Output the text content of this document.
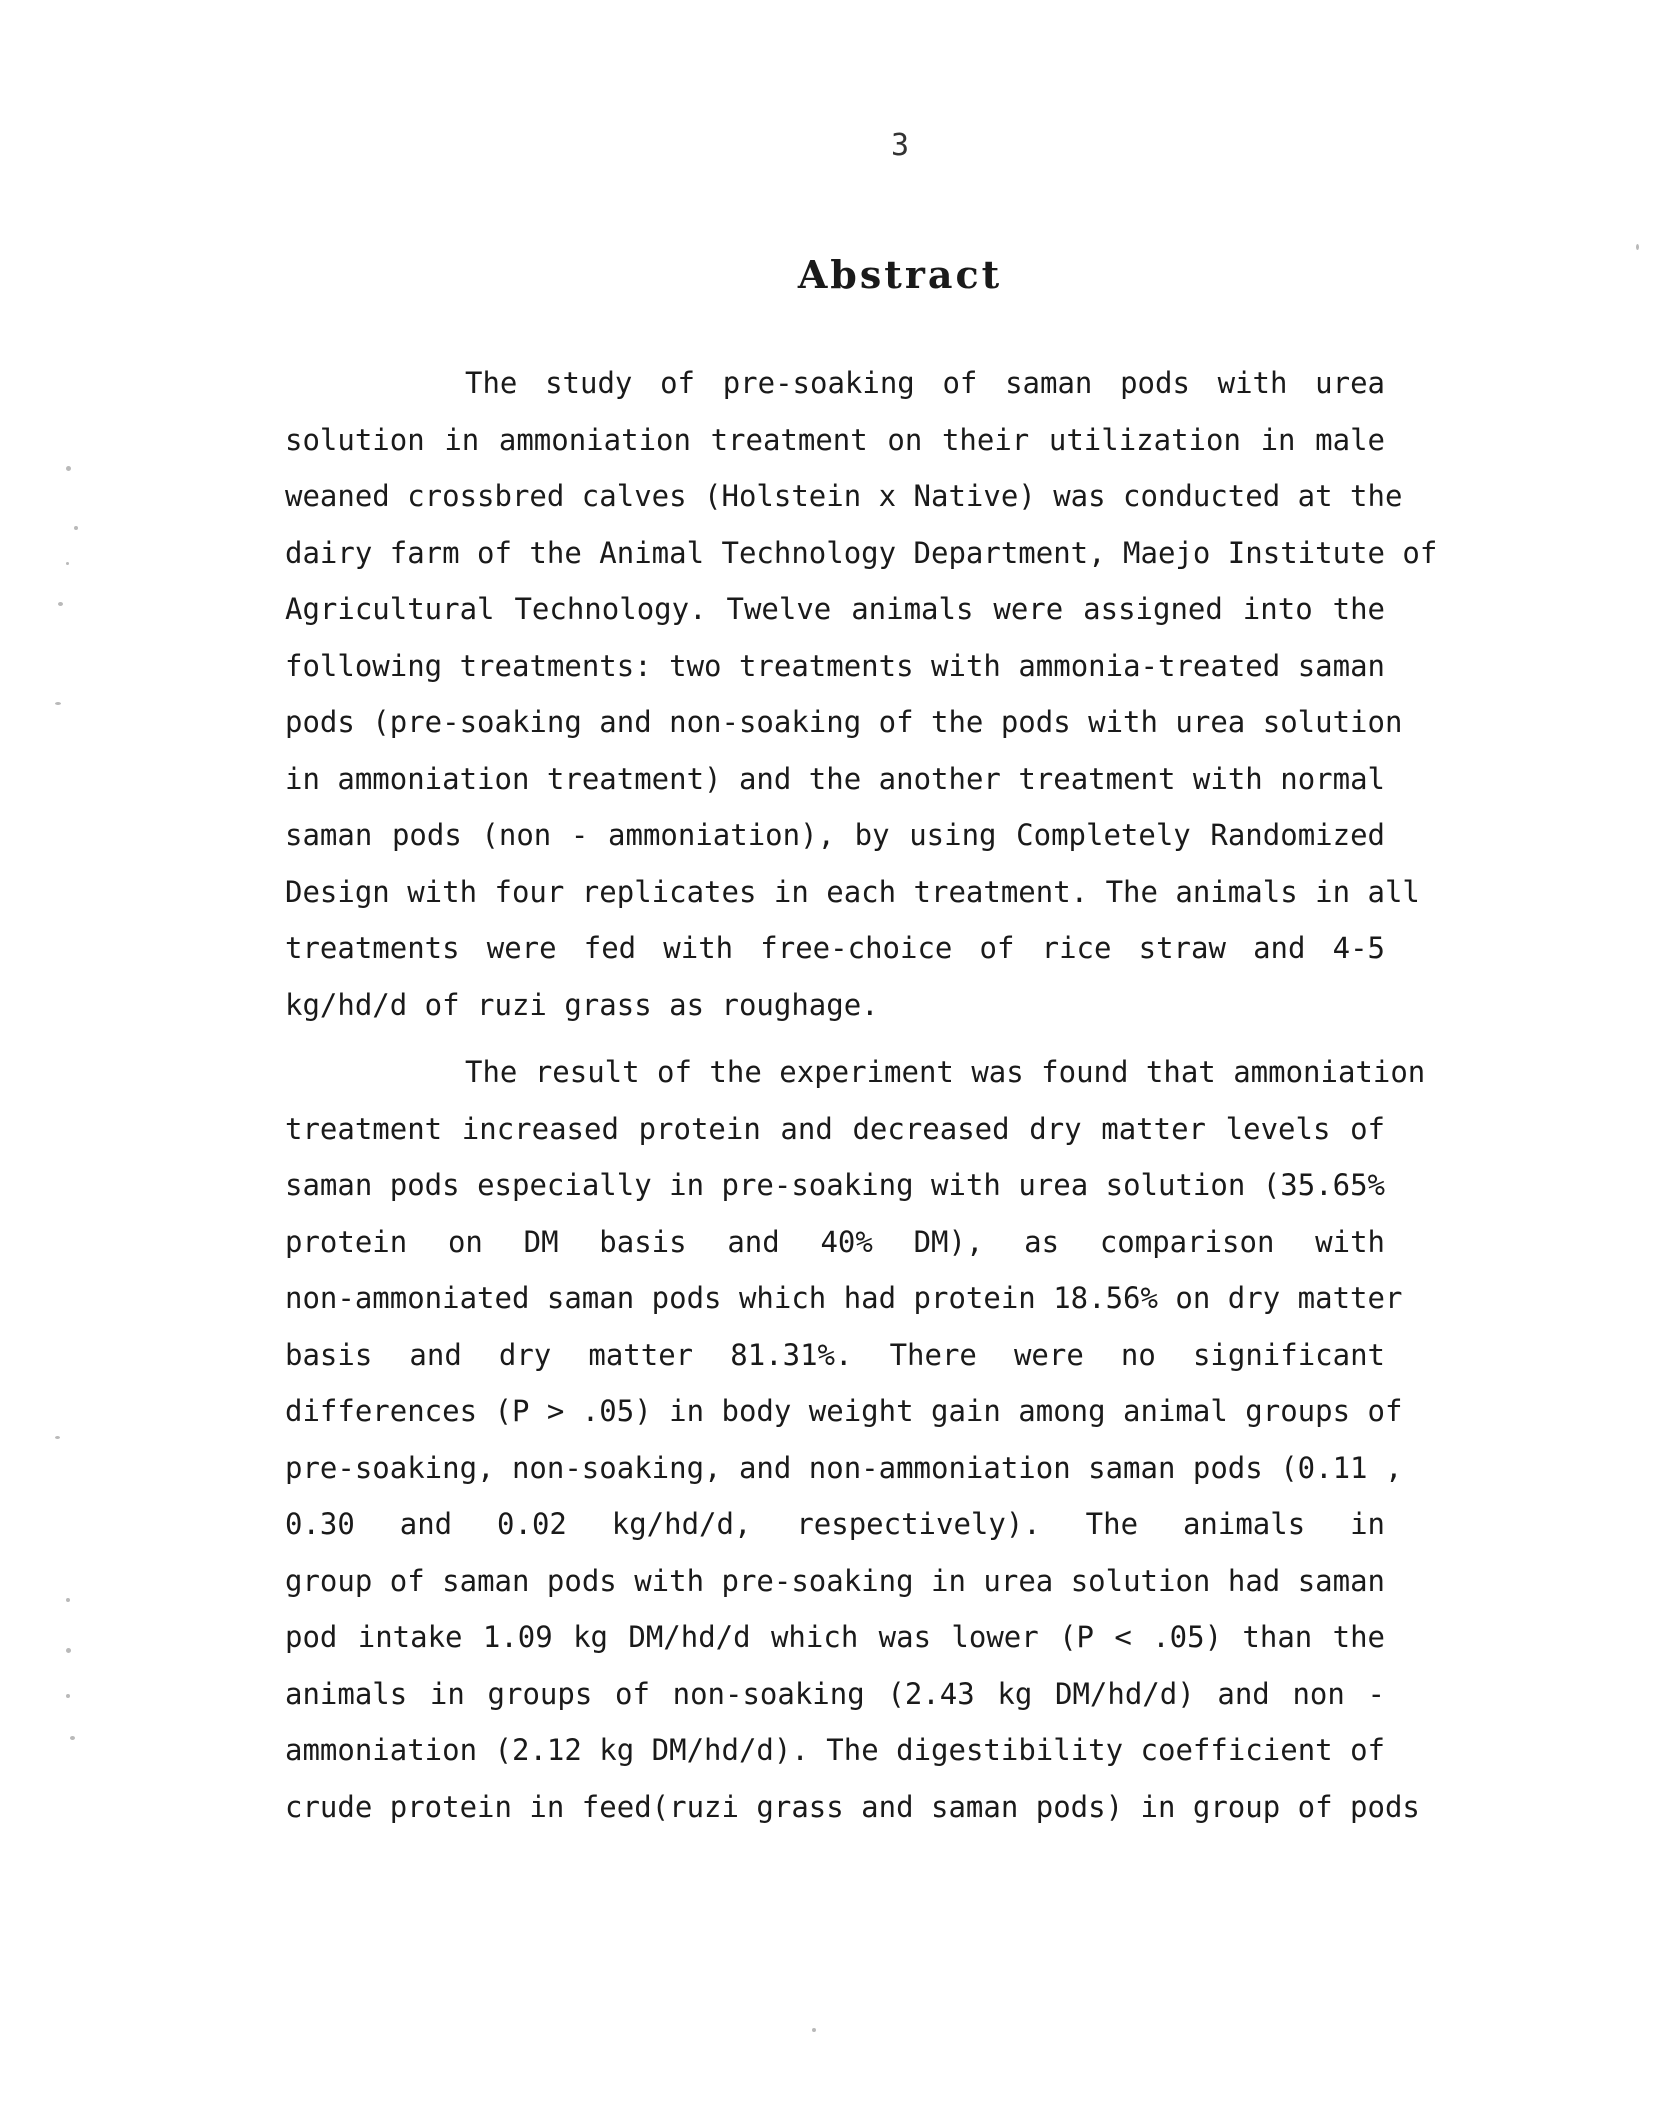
3
Abstract
The study of pre-soaking of saman pods with urea
solution in ammoniation treatment on their utilization in male
weaned crossbred calves (Holstein x Native) was conducted at the
dairy farm of the Animal Technology Department, Maejo Institute of
Agricultural Technology. Twelve animals were assigned into the
following treatments: two treatments with ammonia-treated saman
pods (pre-soaking and non-soaking of the pods with urea solution
in ammoniation treatment) and the another treatment with normal
saman pods (non - ammoniation), by using Completely Randomized
Design with four replicates in each treatment. The animals in all
treatments were fed with free-choice of rice straw and 4-5
kg/hd/d of ruzi grass as roughage.
The result of the experiment was found that ammoniation
treatment increased protein and decreased dry matter levels of
saman pods especially in pre-soaking with urea solution (35.65%
protein on DM basis and 40% DM), as comparison with
non-ammoniated saman pods which had protein 18.56% on dry matter
basis and dry matter 81.31%. There were no significant
differences (P > .05) in body weight gain among animal groups of
pre-soaking, non-soaking, and non-ammoniation saman pods (0.11 ,
0.30 and 0.02 kg/hd/d, respectively). The animals in
group of saman pods with pre-soaking in urea solution had saman
pod intake 1.09 kg DM/hd/d which was lower (P < .05) than the
animals in groups of non-soaking (2.43 kg DM/hd/d) and non -
ammoniation (2.12 kg DM/hd/d). The digestibility coefficient of
crude protein in feed(ruzi grass and saman pods) in group of pods
